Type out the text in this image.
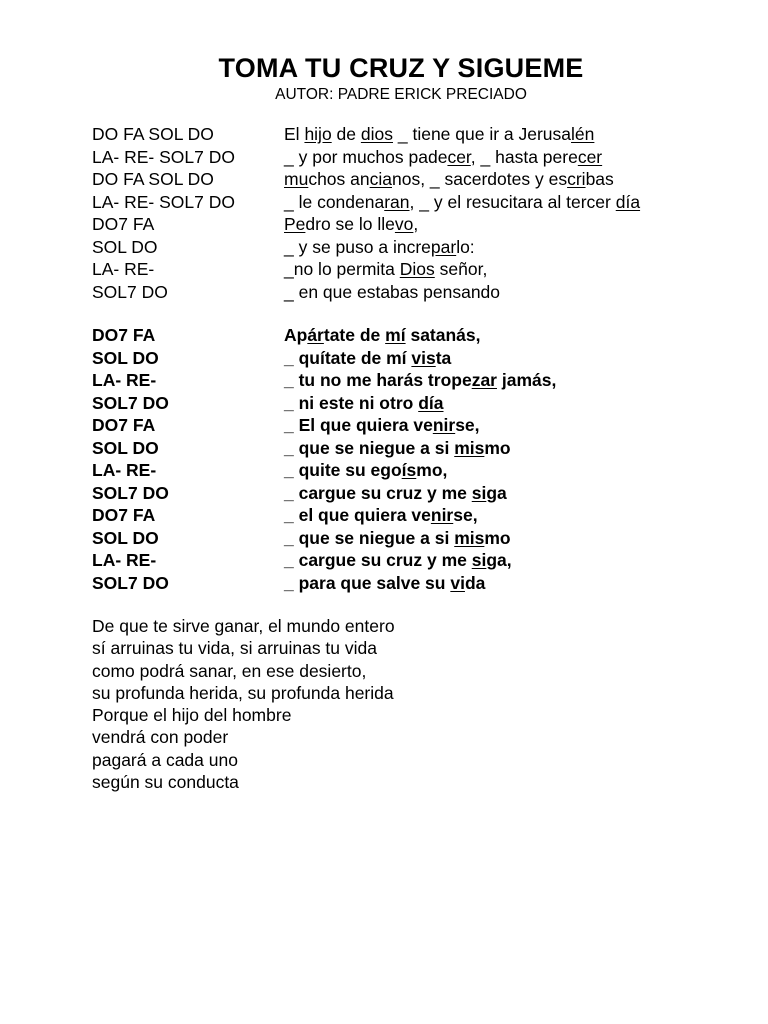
TOMA TU CRUZ Y SIGUEME
AUTOR: PADRE ERICK PRECIADO
DO FA SOL DO	El hijo de dios _ tiene que ir a Jerusalén
LA- RE- SOL7 DO	_ y por muchos padecer, _ hasta perecer
DO FA SOL DO	muchos ancianos, _ sacerdotes y escribas
LA- RE- SOL7 DO	_ le condenaran, _ y el resucitara al tercer día
DO7 FA	Pedro se lo llevo,
SOL DO	_ y se puso a increparlo:
LA- RE-	_no lo permita Dios señor,
SOL7 DO	_ en que estabas pensando
DO7 FA	Apártate de mí satanás,
SOL DO	_ quítate de mí vista
LA- RE-	_ tu no me harás tropezar jamás,
SOL7 DO	_ ni este ni otro día
DO7 FA	_ El que quiera venirse,
SOL DO	_ que se niegue a si mismo
LA- RE-	_ quite su egoísmo,
SOL7 DO	_ cargue su cruz y me siga
DO7 FA	_ el que quiera venirse,
SOL DO	_ que se niegue a si mismo
LA- RE-	_ cargue su cruz y me siga,
SOL7 DO	_ para que salve su vida
De que te sirve ganar, el mundo entero
sí arruinas tu vida, si arruinas tu vida
como podrá sanar, en ese desierto,
su profunda herida, su profunda herida
Porque el hijo del hombre
vendrá con poder
pagará a cada uno
según su conducta
